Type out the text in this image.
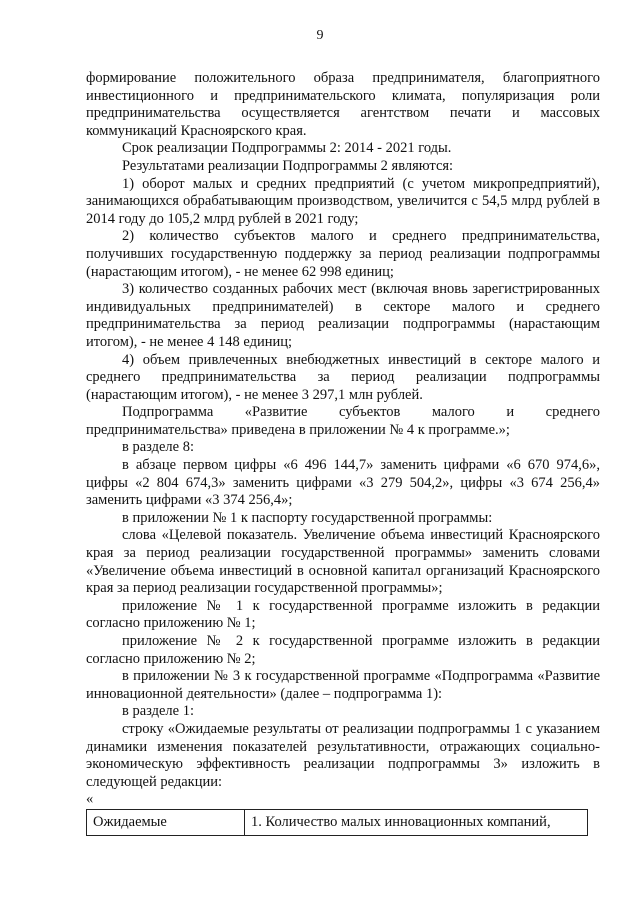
9

формирование положительного образа предпринимателя, благоприятного инвестиционного и предпринимательского климата, популяризация роли предпринимательства осуществляется агентством печати и массовых коммуникаций Красноярского края.

Срок реализации Подпрограммы 2: 2014 - 2021 годы.

Результатами реализации Подпрограммы 2 являются:

1) оборот малых и средних предприятий (с учетом микропредприятий), занимающихся обрабатывающим производством, увеличится с 54,5 млрд рублей в 2014 году до 105,2 млрд рублей в 2021 году;

2) количество субъектов малого и среднего предпринимательства, получивших государственную поддержку за период реализации подпрограммы (нарастающим итогом), - не менее 62 998 единиц;

3) количество созданных рабочих мест (включая вновь зарегистрированных индивидуальных предпринимателей) в секторе малого и среднего предпринимательства за период реализации подпрограммы (нарастающим итогом), - не менее 4 148 единиц;

4) объем привлеченных внебюджетных инвестиций в секторе малого и среднего предпринимательства за период реализации подпрограммы (нарастающим итогом), - не менее 3 297,1 млн рублей.

Подпрограмма «Развитие субъектов малого и среднего предпринимательства» приведена в приложении № 4 к программе.»;

в разделе 8:

в абзаце первом цифры «6 496 144,7» заменить цифрами «6 670 974,6», цифры «2 804 674,3» заменить цифрами «3 279 504,2», цифры «3 674 256,4» заменить цифрами «3 374 256,4»;

в приложении № 1 к паспорту государственной программы:

слова «Целевой показатель. Увеличение объема инвестиций Красноярского края за период реализации государственной программы» заменить словами «Увеличение объема инвестиций в основной капитал организаций Красноярского края за период реализации государственной программы»;

приложение № 1 к государственной программе изложить в редакции согласно приложению № 1;

приложение № 2 к государственной программе изложить в редакции согласно приложению № 2;

в приложении № 3 к государственной программе «Подпрограмма «Развитие инновационной деятельности» (далее – подпрограмма 1):

в разделе 1:

строку «Ожидаемые результаты от реализации подпрограммы 1 с указанием динамики изменения показателей результативности, отражающих социально-экономическую эффективность реализации подпрограммы 3» изложить в следующей редакции:

«

Ожидаемые	1. Количество малых инновационных компаний,
